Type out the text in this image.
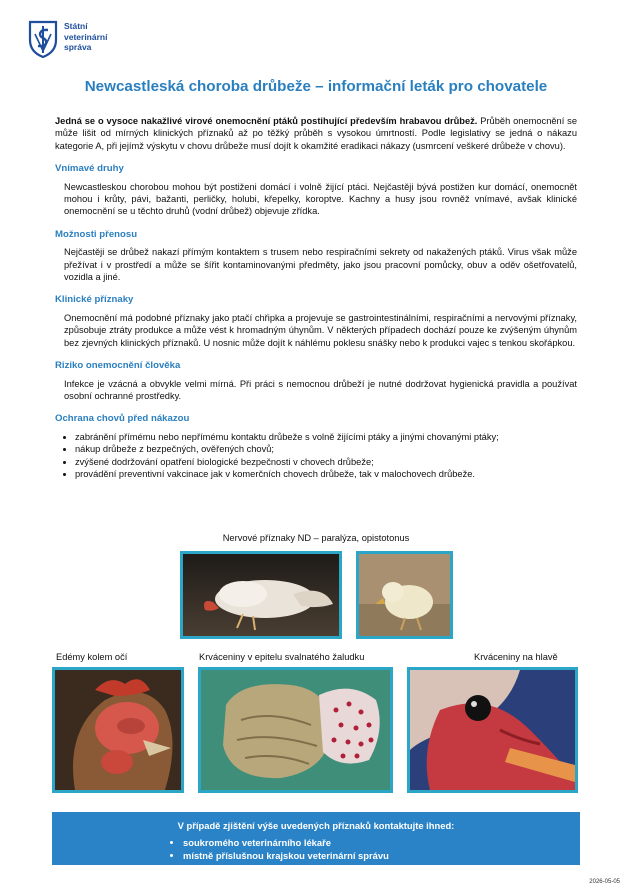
Státní
veterinární
správa
Newcastleská choroba drůbeže – informační leták pro chovatele

Jedná se o vysoce nakažlivé virové onemocnění ptáků postihující především hrabavou drůbež. Průběh onemocnění se může lišit od mírných klinických příznaků až po těžký průběh s vysokou úmrtností. Podle legislativy se jedná o nákazu kategorie A, při jejímž výskytu v chovu drůbeže musí dojít k okamžité eradikaci nákazy (usmrcení veškeré drůbeže v chovu).

Vnímavé druhy

Newcastleskou chorobou mohou být postiženi domácí i volně žijící ptáci. Nejčastěji bývá postižen kur domácí, onemocnět mohou i krůty, pávi, bažanti, perličky, holubi, křepelky, koroptve. Kachny a husy jsou rovněž vnímavé, avšak klinické onemocnění se u těchto druhů (vodní drůbež) objevuje zřídka.

Možnosti přenosu

Nejčastěji se drůbež nakazí přímým kontaktem s trusem nebo respiračními sekrety od nakažených ptáků. Virus však může přežívat i v prostředí a může se šířit kontaminovanými předměty, jako jsou pracovní pomůcky, obuv a oděv ošetřovatelů, vozidla a jiné.

Klinické příznaky

Onemocnění má podobné příznaky jako ptačí chřipka a projevuje se gastrointestinálními, respiračními a nervovými příznaky, způsobuje ztráty produkce a může vést k hromadným úhynům. V některých případech dochází pouze ke zvýšeným úhynům bez zjevných klinických příznaků. U nosnic může dojít k náhlému poklesu snášky nebo k produkci vajec s tenkou skořápkou.

Riziko onemocnění člověka

Infekce je vzácná a obvykle velmi mírná. Při práci s nemocnou drůbeží je nutné dodržovat hygienická pravidla a používat osobní ochranné prostředky.

Ochrana chovů před nákazou
• zabránění přímému nebo nepřímému kontaktu drůbeže s volně žijícími ptáky a jinými chovanými ptáky;
• nákup drůbeže z bezpečných, ověřených chovů;
• zvýšené dodržování opatření biologické bezpečnosti v chovech drůbeže;
• provádění preventivní vakcinace jak v komerčních chovech drůbeže, tak v malochovech drůbeže.
Nervové příznaky ND – paralýza, opistotonus
Edémy kolem očí	Krváceniny v epitelu svalnatého žaludku	Krváceniny na hlavě
V případě zjištění výše uvedených příznaků kontaktujte ihned:
• soukromého veterinárního lékaře
• místně příslušnou krajskou veterinární správu
2026-05-05
